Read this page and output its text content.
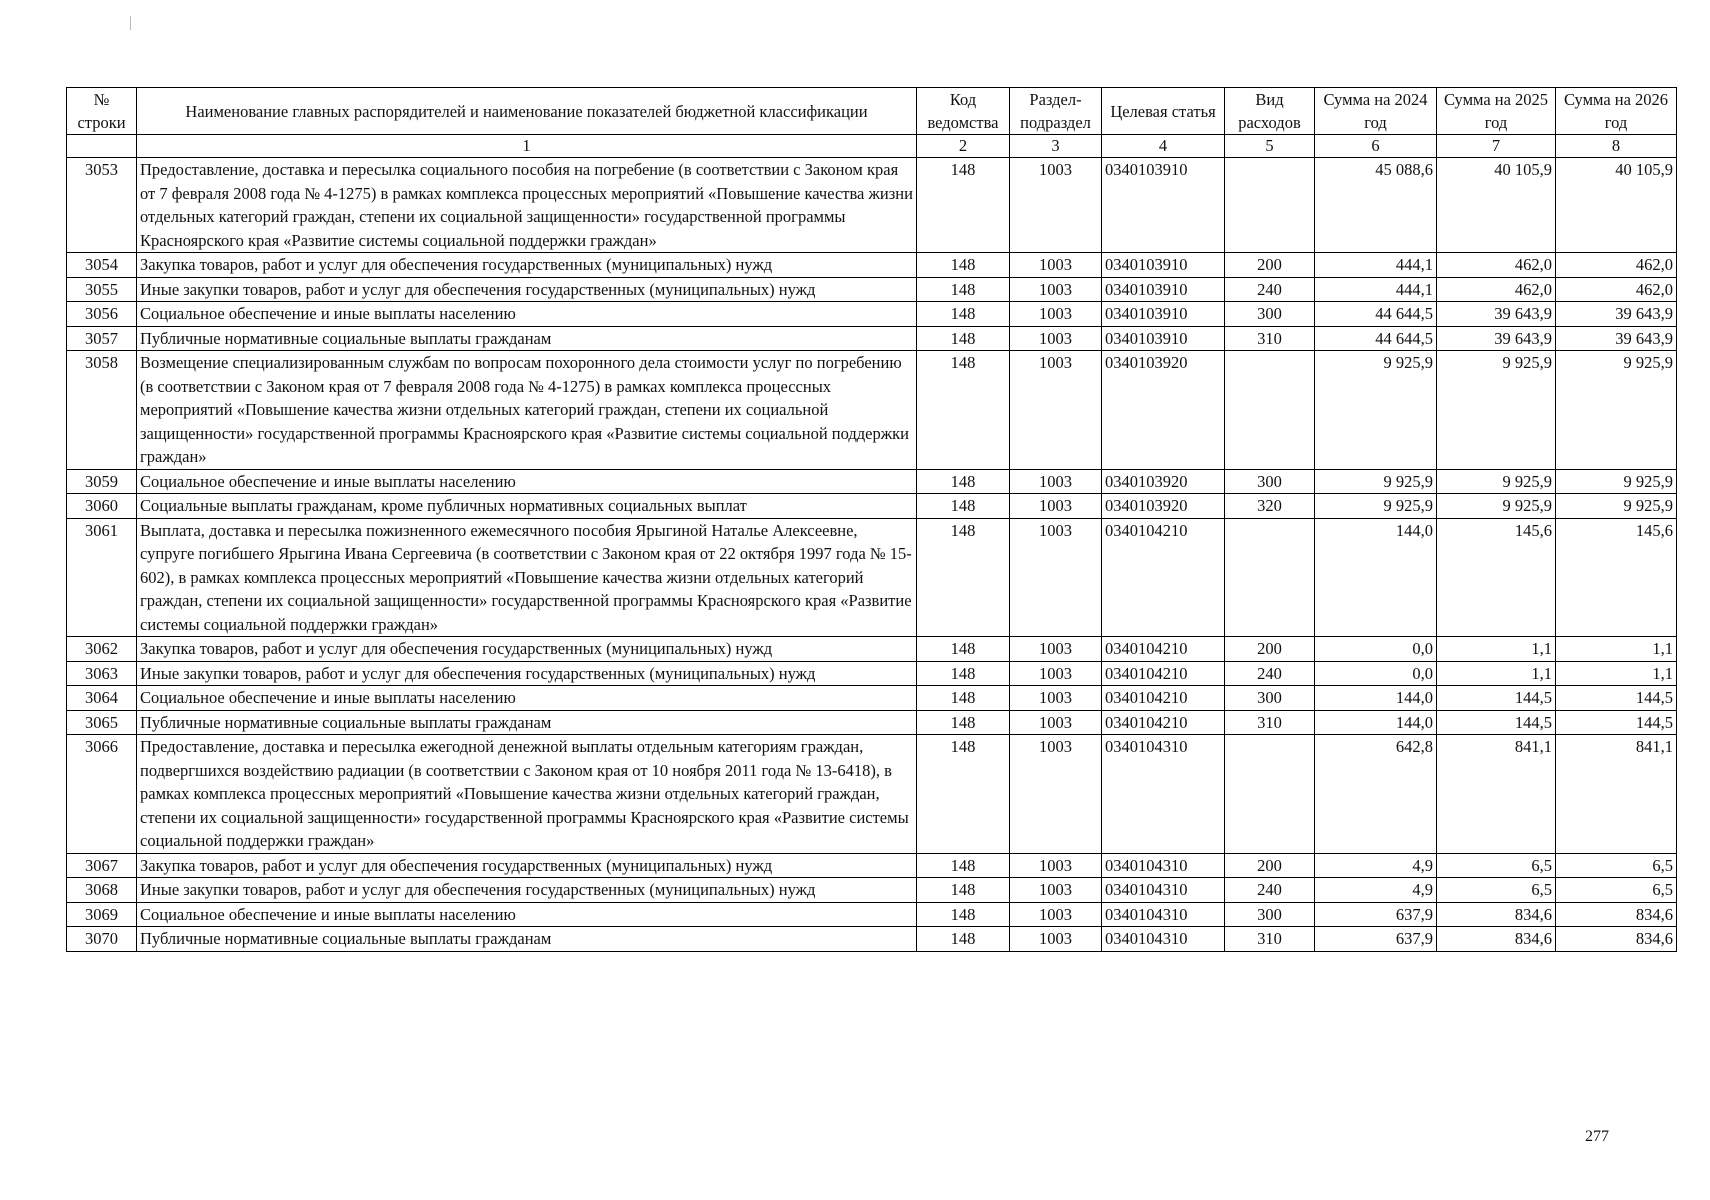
№ строки	Наименование главных распорядителей и наименование показателей бюджетной классификации	Код ведомства	Раздел-подраздел	Целевая статья	Вид расходов	Сумма на 2024 год	Сумма на 2025 год	Сумма на 2026 год
	1	2	3	4	5	6	7	8
3053	Предоставление, доставка и пересылка социального пособия на погребение (в соответствии с Законом края от 7 февраля 2008 года № 4-1275) в рамках комплекса процессных мероприятий «Повышение качества жизни отдельных категорий граждан, степени их социальной защищенности» государственной программы Красноярского края «Развитие системы социальной поддержки граждан»	148	1003	0340103910		45 088,6	40 105,9	40 105,9
3054	Закупка товаров, работ и услуг для обеспечения государственных (муниципальных) нужд	148	1003	0340103910	200	444,1	462,0	462,0
3055	Иные закупки товаров, работ и услуг для обеспечения государственных (муниципальных) нужд	148	1003	0340103910	240	444,1	462,0	462,0
3056	Социальное обеспечение и иные выплаты населению	148	1003	0340103910	300	44 644,5	39 643,9	39 643,9
3057	Публичные нормативные социальные выплаты гражданам	148	1003	0340103910	310	44 644,5	39 643,9	39 643,9
3058	Возмещение специализированным службам по вопросам похоронного дела стоимости услуг по погребению (в соответствии с Законом края от 7 февраля 2008 года № 4-1275) в рамках комплекса процессных мероприятий «Повышение качества жизни отдельных категорий граждан, степени их социальной защищенности» государственной программы Красноярского края «Развитие системы социальной поддержки граждан»	148	1003	0340103920		9 925,9	9 925,9	9 925,9
3059	Социальное обеспечение и иные выплаты населению	148	1003	0340103920	300	9 925,9	9 925,9	9 925,9
3060	Социальные выплаты гражданам, кроме публичных нормативных социальных выплат	148	1003	0340103920	320	9 925,9	9 925,9	9 925,9
3061	Выплата, доставка и пересылка пожизненного ежемесячного пособия Ярыгиной Наталье Алексеевне, супруге погибшего Ярыгина Ивана Сергеевича (в соответствии с Законом края от 22 октября 1997 года № 15-602), в рамках комплекса процессных мероприятий «Повышение качества жизни отдельных категорий граждан, степени их социальной защищенности» государственной программы Красноярского края «Развитие системы социальной поддержки граждан»	148	1003	0340104210		144,0	145,6	145,6
3062	Закупка товаров, работ и услуг для обеспечения государственных (муниципальных) нужд	148	1003	0340104210	200	0,0	1,1	1,1
3063	Иные закупки товаров, работ и услуг для обеспечения государственных (муниципальных) нужд	148	1003	0340104210	240	0,0	1,1	1,1
3064	Социальное обеспечение и иные выплаты населению	148	1003	0340104210	300	144,0	144,5	144,5
3065	Публичные нормативные социальные выплаты гражданам	148	1003	0340104210	310	144,0	144,5	144,5
3066	Предоставление, доставка и пересылка ежегодной денежной выплаты отдельным категориям граждан, подвергшихся воздействию радиации (в соответствии с Законом края от 10 ноября 2011 года № 13-6418), в рамках комплекса процессных мероприятий «Повышение качества жизни отдельных категорий граждан, степени их социальной защищенности» государственной программы Красноярского края «Развитие системы социальной поддержки граждан»	148	1003	0340104310		642,8	841,1	841,1
3067	Закупка товаров, работ и услуг для обеспечения государственных (муниципальных) нужд	148	1003	0340104310	200	4,9	6,5	6,5
3068	Иные закупки товаров, работ и услуг для обеспечения государственных (муниципальных) нужд	148	1003	0340104310	240	4,9	6,5	6,5
3069	Социальное обеспечение и иные выплаты населению	148	1003	0340104310	300	637,9	834,6	834,6
3070	Публичные нормативные социальные выплаты гражданам	148	1003	0340104310	310	637,9	834,6	834,6
277
